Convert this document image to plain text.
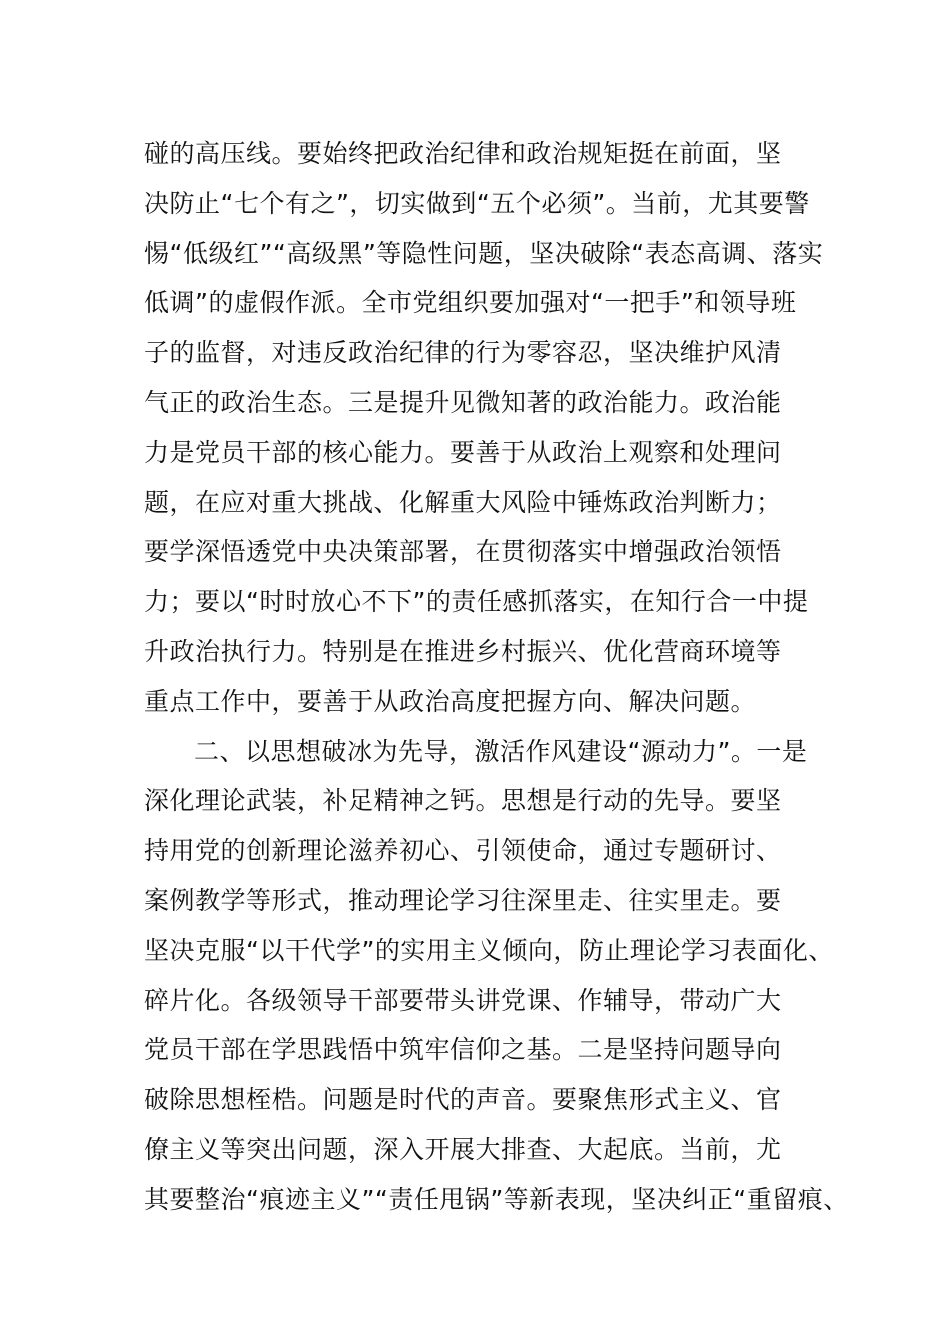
碰的高压线。要始终把政治纪律和政治规矩挺在前面，坚
决防止“七个有之”，切实做到“五个必须”。当前，尤其要警
惕“低级红”“高级黑”等隐性问题，坚决破除“表态高调、落实
低调”的虚假作派。全市党组织要加强对“一把手”和领导班
子的监督，对违反政治纪律的行为零容忍，坚决维护风清
气正的政治生态。三是提升见微知著的政治能力。政治能
力是党员干部的核心能力。要善于从政治上观察和处理问
题，在应对重大挑战、化解重大风险中锤炼政治判断力；
要学深悟透党中央决策部署，在贯彻落实中增强政治领悟
力；要以“时时放心不下”的责任感抓落实，在知行合一中提
升政治执行力。特别是在推进乡村振兴、优化营商环境等
重点工作中，要善于从政治高度把握方向、解决问题。
二、以思想破冰为先导，激活作风建设“源动力”。一是
深化理论武装，补足精神之钙。思想是行动的先导。要坚
持用党的创新理论滋养初心、引领使命，通过专题研讨、
案例教学等形式，推动理论学习往深里走、往实里走。要
坚决克服“以干代学”的实用主义倾向，防止理论学习表面化、
碎片化。各级领导干部要带头讲党课、作辅导，带动广大
党员干部在学思践悟中筑牢信仰之基。二是坚持问题导向
破除思想桎梏。问题是时代的声音。要聚焦形式主义、官
僚主义等突出问题，深入开展大排查、大起底。当前，尤
其要整治“痕迹主义”“责任甩锅”等新表现，坚决纠正“重留痕、
